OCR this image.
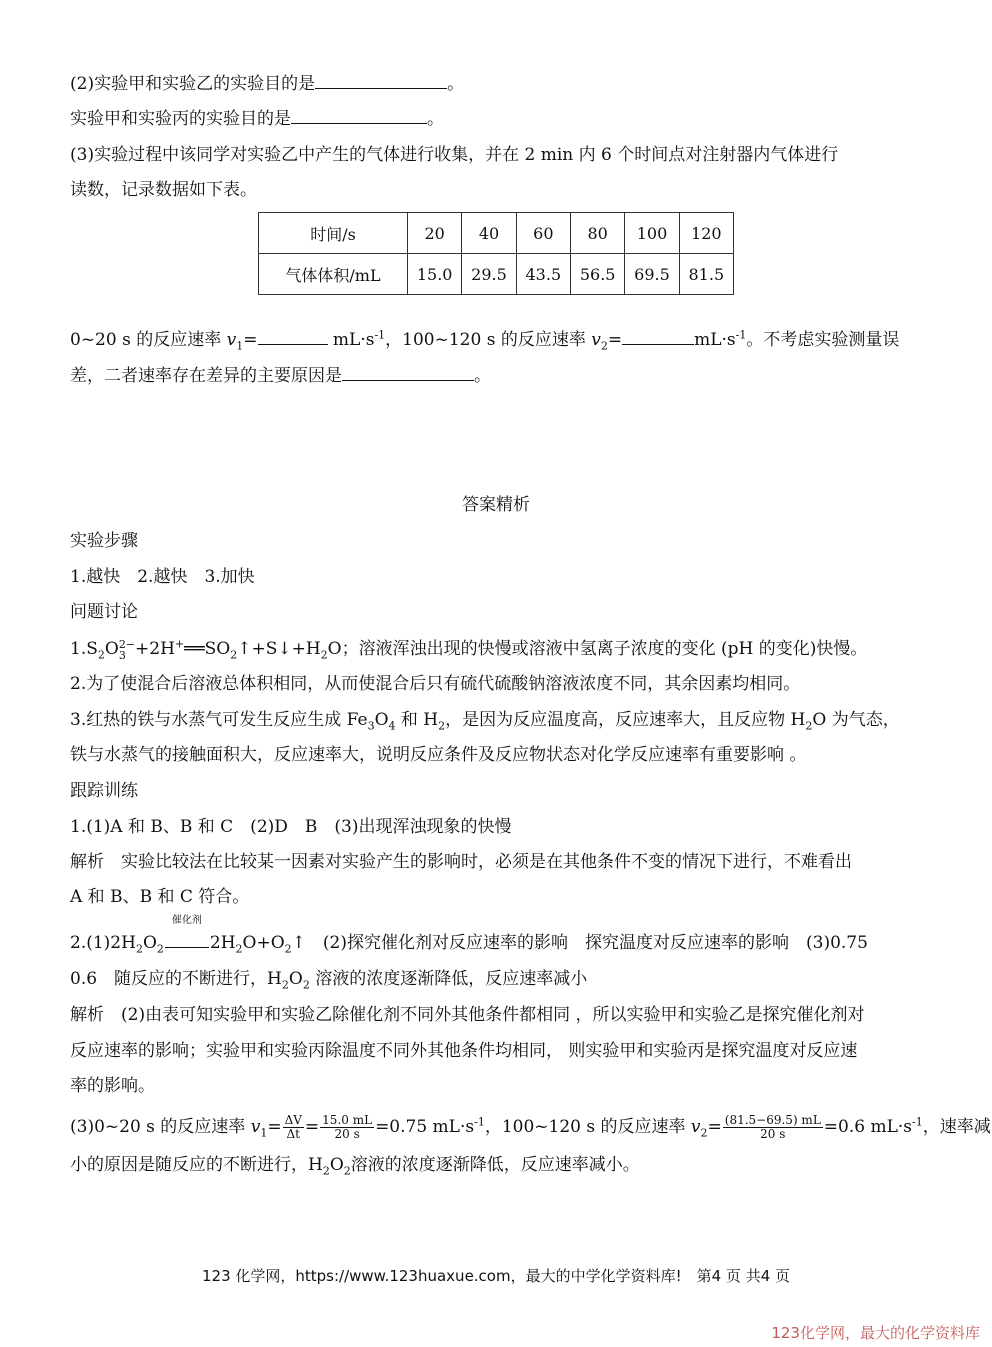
(2)实验甲和实验乙的实验目的是	。
实验甲和实验丙的实验目的是	。
(3)实验过程中该同学对实验乙中产生的气体进行收集，并在 2 min 内 6 个时间点对注射器内气体进行
读数，记录数据如下表。
时间/s	20	40	60	80	100	120
气体体积/mL	15.0	29.5	43.5	56.5	69.5	81.5
0~20 s 的反应速率 $v_1=$	$mL\cdot s^{-1}$，100~120 s 的反应速率 $v_2=$	$mL\cdot s^{-1}$。不考虑实验测量误
差，二者速率存在差异的主要原因是	。
答案精析
实验步骤
1.越快　2.越快　3.加快
问题讨论
$1.S_2O$ 2−
$3 +2H^+══SO_2↑+S↓+H_2O$；溶液浑浊出现的快慢或溶液中氢离子浓度的变化 (pH 的变化)快慢。
2.为了使混合后溶液总体积相同，从而使混合后只有硫代硫酸钠溶液浓度不同，其余因素均相同。
3.红热的铁与水蒸气可发生反应生成 $Fe_3O_4$ 和 $H_2$，是因为反应温度高，反应速率大，且反应物 $H_2O$ 为气态，
铁与水蒸气的接触面积大，反应速率大，说明反应条件及反应物状态对化学反应速率有重要影响 。
跟踪训练
1.(1)A 和 B、B 和 C　(2)D　B　(3)出现浑浊现象的快慢
解析　实验比较法在比较某一因素对实验产生的影响时，必须是在其他条件不变的情况下进行，不难看出
A 和 B、B 和 C 符合。
$2.(1)2H_2O_2$
催化剂
$2H_2O+O_2↑$　(2)探究催化剂对反应速率的影响　探究温度对反应速率的影响　(3)0.75
0.6　随反应的不断进行，$H_2O_2$ 溶液的浓度逐渐降低，反应速率减小
解析　(2)由表可知实验甲和实验乙除催化剂不同外其他条件都相同 ，所以实验甲和实验乙是探究催化剂对
反应速率的影响；实验甲和实验丙除温度不同外其他条件均相同， 则实验甲和实验丙是探究温度对反应速
率的影响。
(3)0~20 s 的反应速率 $v_1= \frac{\Delta V}{\Delta t} = \frac{15.0 mL}{20 s} =0.75$ $mL\cdot s^{-1}$，100~120 s 的反应速率 $v_2= \frac{(81.5-69.5) mL}{20 s} =0.6$ $mL\cdot s^{-1}$，速率减
小的原因是随反应的不断进行，$H_2O_2$溶液的浓度逐渐降低，反应速率减小。
123 化学网，https://www.123huaxue.com，最大的中学化学资料库!　第4 页 共4 页
123化学网，最大的化学资料库
